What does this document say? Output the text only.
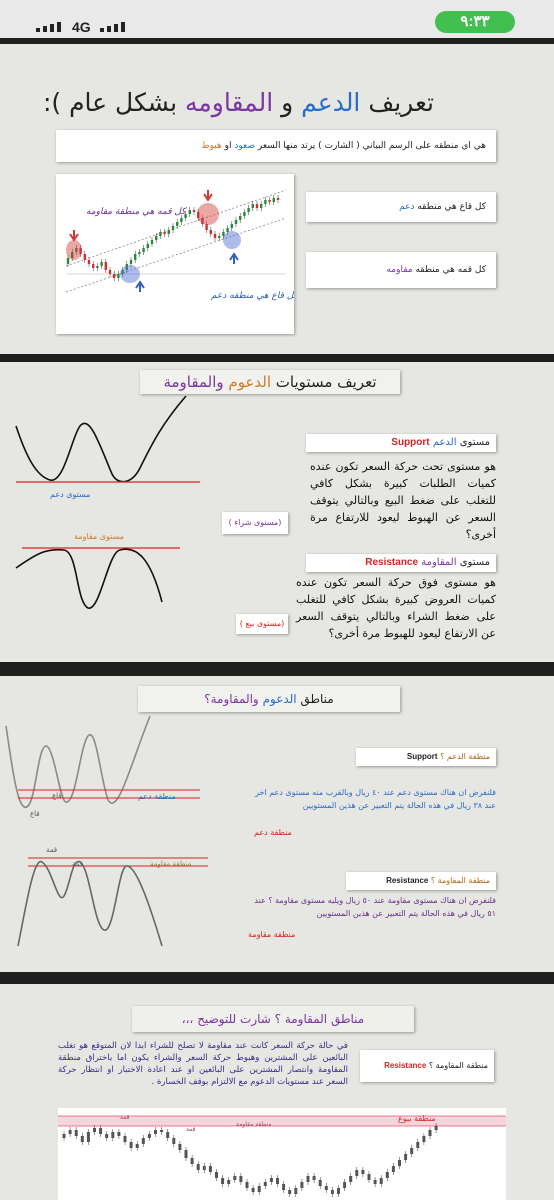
4G	٩:٣٣
تعريف الدعم و المقاومه بشكل عام ):
هي اي منطقه على الرسم البياني ( الشارت ) يرتد منها السعر صعود او هبوط
كل قمه هي منطقة مقاومه
كل قاع هي منطقه دعم
كل قاع هي منطقه دعم
كل قمه هي منطقه مقاومه
تعريف مستويات الدعوم والمقاومة
مستوى دعم
مستوى الدعم Support
هو مستوى تحت حركة السعر تكون عنده كميات الطلبات كبيرة بشكل كافي للتغلب على ضغط البيع وبالتالي يتوقف السعر عن الهبوط ليعود للارتفاع مرة أخرى؟
(مستوى شراء )
مستوى مقاومة
مستوى المقاومة Resistance
هو مستوى فوق حركة السعر تكون عنده كميات العروض كبيرة بشكل كافي للتغلب على ضغط الشراء وبالتالي يتوقف السعر عن الارتفاع ليعود للهبوط مرة أخرى؟
(مستوى بيع )
مناطق الدعوم والمقاومة؟
قاع
قاع
منطقة دعم
منطقة الدعم ؟ Support
فلنفرض ان هناك مستوى دعم عند ٤٠ ريال وبالقرب منه مستوى دعم اخر عند ٣٨ ريال في هذه الحالة يتم التعبير عن هذين المستويين
منطقة دعم
قمة
قمة	منطقة مقاومة
منطقة المقاومة ؟ Resistance
فلنفرض ان هناك مستوى مقاومة عند ٥٠ ريال ويليه مستوى مقاومة ؟ عند ٥١ ريال في هذه الحالة يتم التعبير عن هذين المستويين
منطقة مقاومة
مناطق المقاومة ؟ شارت للتوضيح ،،،
في حالة حركة السعر كانت عند مقاومة لا تصلح للشراء ابدا لان المتوقع هو تغلب البائعين على المشترين وهبوط حركة السعر والشراء يكون اما باختراق منطقة المقاومة وانتصار المشترين على البائعين او عند اعادة الاختبار او انتظار حركة السعر عند مستويات الدعوم مع الالتزام بوقف الخسارة .
منطقة المقاومة ؟ Resistance
قمة
قمة
منطقة مقاومة
منطقة بيوع
